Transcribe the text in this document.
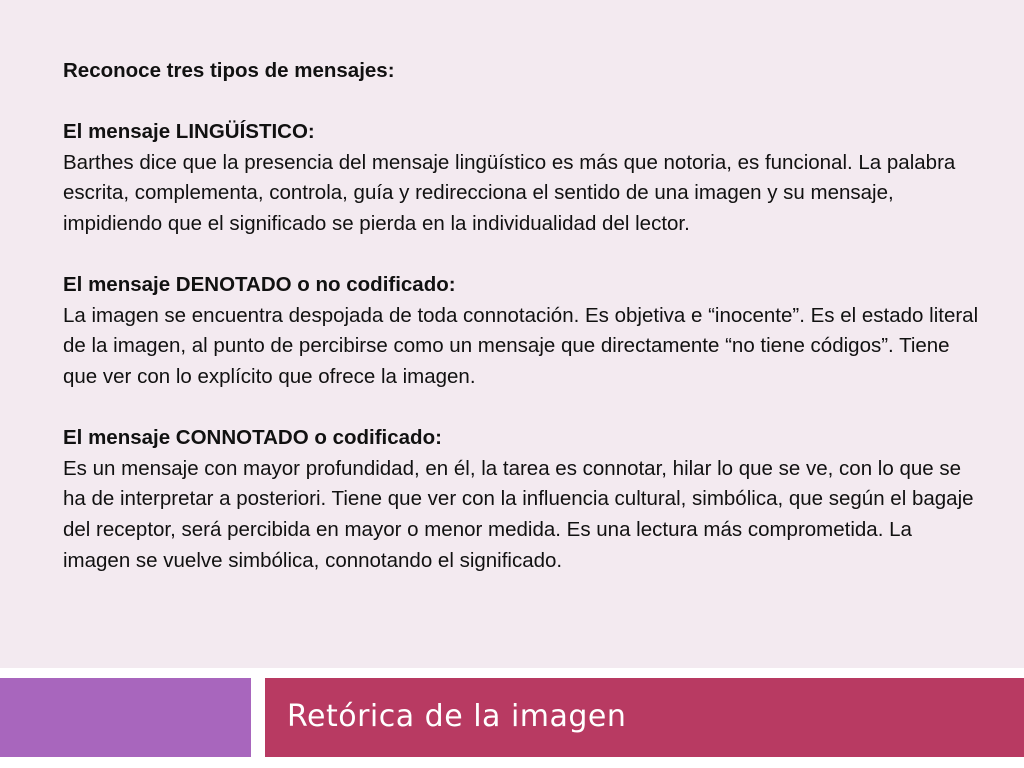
Reconoce tres tipos de mensajes:

El mensaje LINGÜÍSTICO:

Barthes dice que la presencia del mensaje lingüístico es más que notoria, es funcional. La palabra escrita, complementa, controla, guía y redirecciona el sentido de una imagen y su mensaje, impidiendo que el significado se pierda en la individualidad del lector.

El mensaje DENOTADO o no codificado:

La imagen se encuentra despojada de toda connotación. Es objetiva e “inocente”. Es el estado literal de la imagen, al punto de percibirse como un mensaje que directamente “no tiene códigos”. Tiene que ver con lo explícito que ofrece la imagen.

El mensaje CONNOTADO o codificado:

Es un mensaje con mayor profundidad, en él, la tarea es connotar, hilar lo que se ve, con lo que se ha de interpretar a posteriori. Tiene que ver con la influencia cultural, simbólica, que según el bagaje del receptor, será percibida en mayor o menor medida. Es una lectura más comprometida. La imagen se vuelve simbólica, connotando el significado.

Retórica de la imagen
